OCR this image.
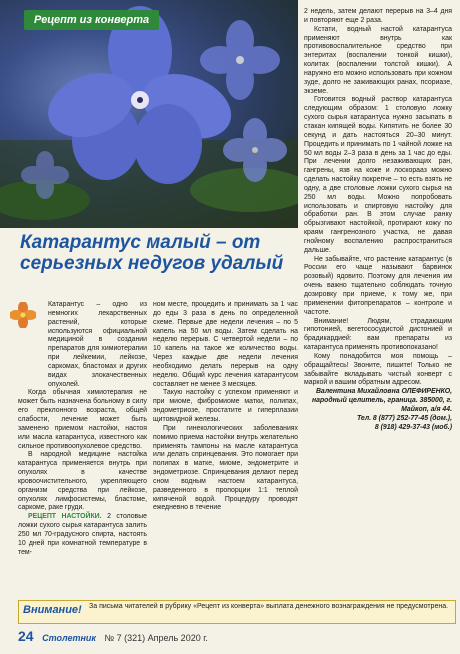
Рецепт из конверта
Катарантус малый – от серьезных недугов удалый

Катарантус – одно из немногих лекарственных растений, которые используются официальной медициной в создании препаратов для химиотерапии при лейкемии, лейкозе, саркомах, бластомах и других видах злокачественных опухолей.

Когда обычная химиотерапия не может быть назначена больному в силу его преклонного возраста, общей слабости, лечение может быть заменено приемом настойки, настоя или масла катарантуса, известного как сильное противоопухолевое средство.

В народной медицине настойка катарантуса применяется внутрь при опухолях в качестве кровоочистительного, укрепляющего организм средства при лейкозе, опухолях лимфосистемы, бластоме, саркоме, раке груди.

РЕЦЕПТ НАСТОЙКИ. 2 столовые ложки сухого сырья катарантуса залить 250 мл 70-градусного спирта, настоять 10 дней при комнатной температуре в тем-

ном месте, процедить и принимать за 1 час до еды 3 раза в день по определенной схеме. Первые две недели лечения – по 5 капель на 50 мл воды. Затем сделать на неделю перерыв. С четвертой недели – по 10 капель на такое же количество воды. Через каждые две недели лечения необходимо делать перерыв на одну неделю. Общий курс лечения катарантусом составляет не менее 3 месяцев.

Такую настойку с успехом применяют и при миоме, фибромиоме матки, полипах, эндометриозе, простатите и гиперплазии щитовидной железы.

При гинекологических заболеваниях помимо приема настойки внутрь желательно применять тампоны на масле катарантуса или делать спринцевания. Это помогает при полипах в матке, миоме, эндометрите и эндометриозе. Спринцевания делают перед сном водным настоем катарантуса, разведенного в пропорции 1:1 теплой кипяченой водой. Процедуру проводят ежедневно в течение

2 недель, затем делают перерыв на 3–4 дня и повторяют еще 2 раза.

Кстати, водный настой катарантуса применяют внутрь как противовоспалительное средство при энтеритах (воспалении тонкой кишки), колитах (воспалении толстой кишки). А наружно его можно использовать при кожном зуде, долго не заживающих ранах, псориазе, экземе.

Готовится водный раствор катарантуса следующим образом: 1 столовую ложку сухого сырья катарантуса нужно засыпать в стакан кипящей воды. Кипятить не более 30 секунд и дать настояться 20–30 минут. Процедить и принимать по 1 чайной ложке на 50 мл воды 2–3 раза в день за 1 час до еды. При лечении долго незаживающих ран, гангрены, язв на коже и лоскорааз можно сделать настойку покрепче – то есть взять не одну, а две столовые ложки сухого сырья на 250 мл воды. Можно попробовать использовать и спиртовую настойку для обработки ран. В этом случае ранку обрызгивают настойкой, протирают кожу по краям гангренозного участка, не давая гнойному воспалению распространиться дальше.

Не забывайте, что растение катарантус (в России его чаще называют барвинок розовый) ядовито. Поэтому для лечения им очень важно тщательно соблюдать точную дозировку при приеме, к тому же, при применении фитопрепаратов – контроле и частоте.

Внимание! Людям, страдающим гипотонией, вегетососудистой дистонией и брадикардией: вам препараты из катарантуса применять противопоказано!

Кому понадобится моя помощь – обращайтесь! Звоните, пишите! Только не забывайте вкладывать чистый конверт с маркой и вашим обратным адресом.

Валентина Михайловна ОЛЕФИРЕНКО,

народный целитель, граница. 385000, г. Майкоп, а/я 44.

Тел. 8 (877) 252-77-45 (дом.),

8 (918) 429-37-43 (моб.)

Внимание! За письма читателей в рубрику «Рецепт из конверта» выплата денежного вознаграждения не предусмотрена.
24 Столетник № 7 (321) Апрель 2020 г.
